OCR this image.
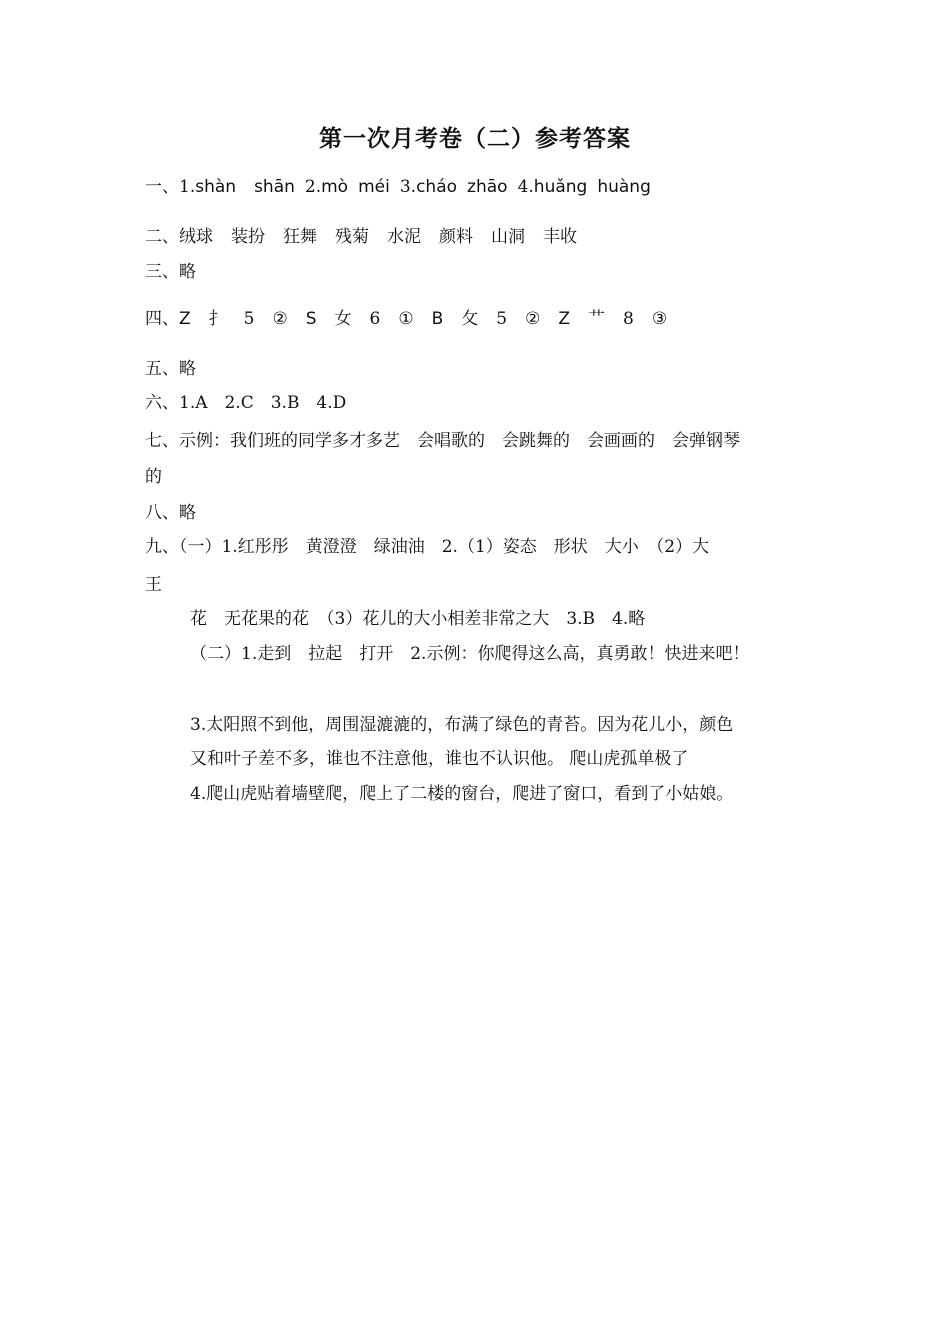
第一次月考卷（二）参考答案
一、1.shàn shān 2.mò méi 3.cháo zhāo 4.huǎng huàng
二、绒球 装扮 狂舞 残菊 水泥 颜料 山洞 丰收
三、略
四、Z 扌 5 ② S 女 6 ① B 攵 5 ② Z 艹 8 ③
五、略
六、1.A　2.C　3.B　4.D
七、示例：我们班的同学多才多艺　会唱歌的　会跳舞的　会画画的　会弹钢琴
的
八、略
九、（一）1.红彤彤　黄澄澄　绿油油　2.（1）姿态　形状　大小　（2）大
王
花　无花果的花　（3）花儿的大小相差非常之大　3.B　4.略
（二）1.走到　拉起　打开　2.示例：你爬得这么高，真勇敢！快进来吧！
3.太阳照不到他，周围湿漉漉的，布满了绿色的青苔。因为花儿小，颜色
又和叶子差不多，谁也不注意他，谁也不认识他。 爬山虎孤单极了
4.爬山虎贴着墙壁爬，爬上了二楼的窗台，爬进了窗口，看到了小姑娘。
